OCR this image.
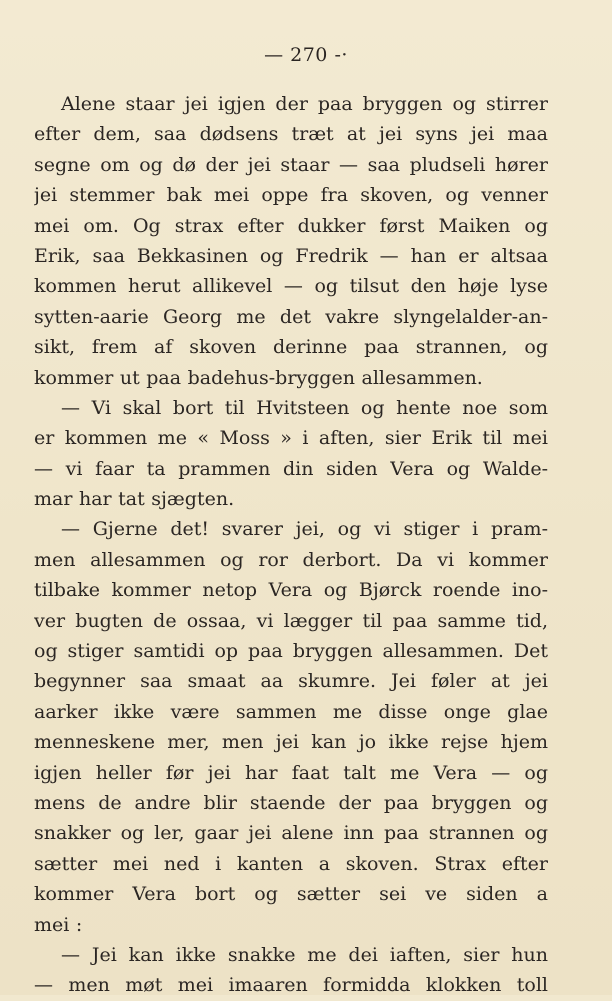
— 270 -·
Alene staar jei igjen der paa bryggen og stirrer
efter dem, saa dødsens træt at jei syns jei maa
segne om og dø der jei staar — saa pludseli hører
jei stemmer bak mei oppe fra skoven, og venner
mei om. Og strax efter dukker først Maiken og
Erik, saa Bekkasinen og Fredrik — han er altsaa
kommen herut allikevel — og tilsut den høje lyse
sytten-aarie Georg me det vakre slyngelalder-an-
sikt, frem af skoven derinne paa strannen, og
kommer ut paa badehus-bryggen allesammen.
— Vi skal bort til Hvitsteen og hente noe som
er kommen me « Moss » i aften, sier Erik til mei
— vi faar ta prammen din siden Vera og Walde-
mar har tat sjægten.
— Gjerne det! svarer jei, og vi stiger i pram-
men allesammen og ror derbort. Da vi kommer
tilbake kommer netop Vera og Bjørck roende ino-
ver bugten de ossaa, vi lægger til paa samme tid,
og stiger samtidi op paa bryggen allesammen. Det
begynner saa smaat aa skumre. Jei føler at jei
aarker ikke være sammen me disse onge glae
menneskene mer, men jei kan jo ikke rejse hjem
igjen heller før jei har faat talt me Vera — og
mens de andre blir staende der paa bryggen og
snakker og ler, gaar jei alene inn paa strannen og
sætter mei ned i kanten a skoven. Strax efter
kommer Vera bort og sætter sei ve siden a
mei :
— Jei kan ikke snakke me dei iaften, sier hun
— men møt mei imaaren formidda klokken toll
